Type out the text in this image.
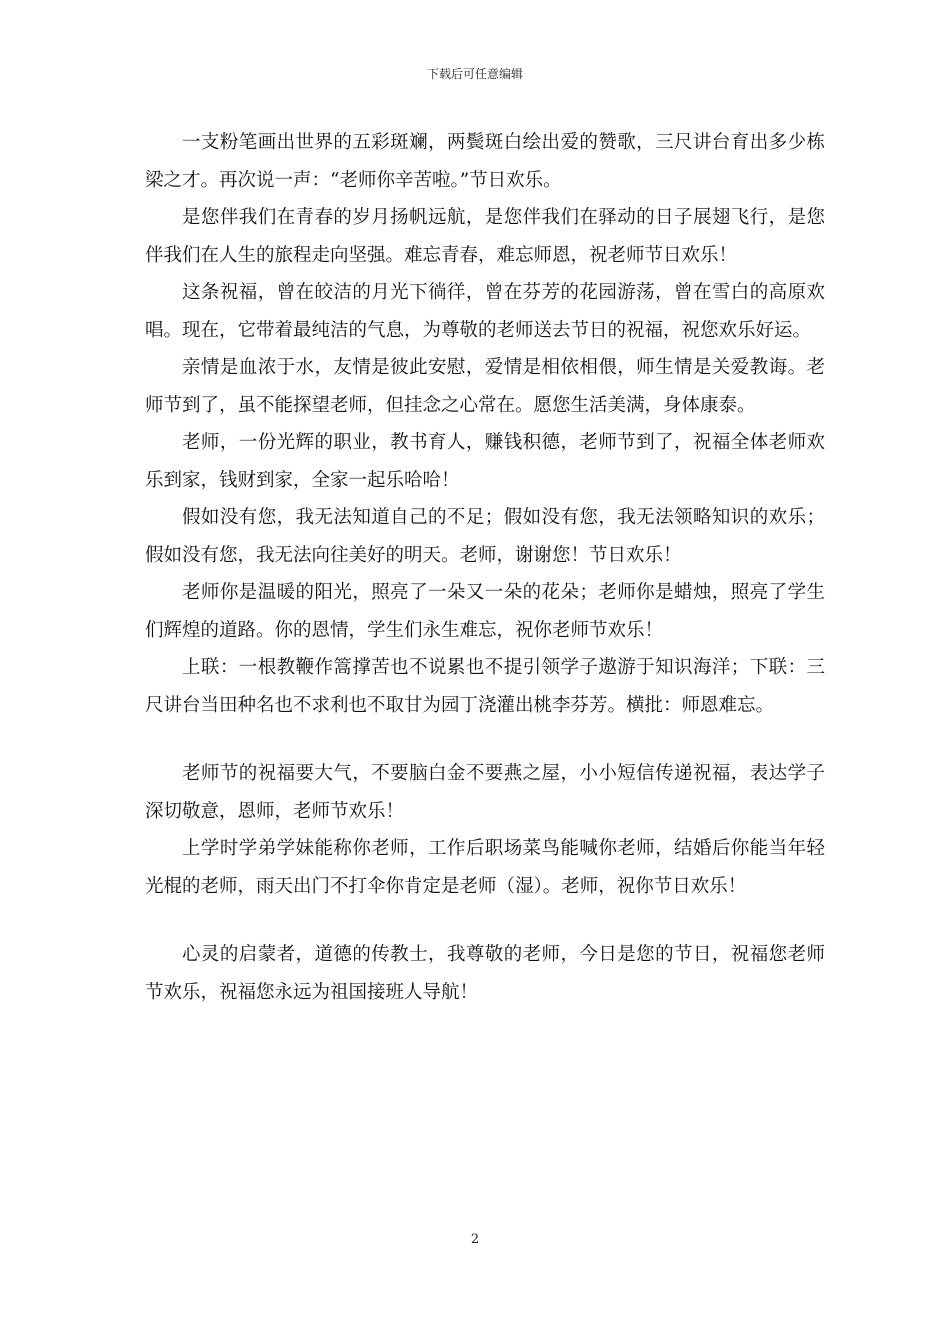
下载后可任意编辑

一支粉笔画出世界的五彩斑斓，两鬓斑白绘出爱的赞歌，三尺讲台育出多少栋梁之才。再次说一声：“老师你辛苦啦。”节日欢乐。

是您伴我们在青春的岁月扬帆远航，是您伴我们在驿动的日子展翅飞行，是您伴我们在人生的旅程走向坚强。难忘青春，难忘师恩，祝老师节日欢乐！

这条祝福，曾在皎洁的月光下徜徉，曾在芬芳的花园游荡，曾在雪白的高原欢唱。现在，它带着最纯洁的气息，为尊敬的老师送去节日的祝福，祝您欢乐好运。

亲情是血浓于水，友情是彼此安慰，爱情是相依相偎，师生情是关爱教诲。老师节到了，虽不能探望老师，但挂念之心常在。愿您生活美满，身体康泰。

老师，一份光辉的职业，教书育人，赚钱积德，老师节到了，祝福全体老师欢乐到家，钱财到家，全家一起乐哈哈！

假如没有您，我无法知道自己的不足；假如没有您，我无法领略知识的欢乐；假如没有您，我无法向往美好的明天。老师，谢谢您！节日欢乐！

老师你是温暖的阳光，照亮了一朵又一朵的花朵；老师你是蜡烛，照亮了学生们辉煌的道路。你的恩情，学生们永生难忘，祝你老师节欢乐！

上联：一根教鞭作篙撑苦也不说累也不提引领学子遨游于知识海洋；下联：三尺讲台当田种名也不求利也不取甘为园丁浇灌出桃李芬芳。横批：师恩难忘。

老师节的祝福要大气，不要脑白金不要燕之屋，小小短信传递祝福，表达学子深切敬意，恩师，老师节欢乐！

上学时学弟学妹能称你老师，工作后职场菜鸟能喊你老师，结婚后你能当年轻光棍的老师，雨天出门不打伞你肯定是老师（湿）。老师，祝你节日欢乐！

心灵的启蒙者，道德的传教士，我尊敬的老师，今日是您的节日，祝福您老师节欢乐，祝福您永远为祖国接班人导航！

2
